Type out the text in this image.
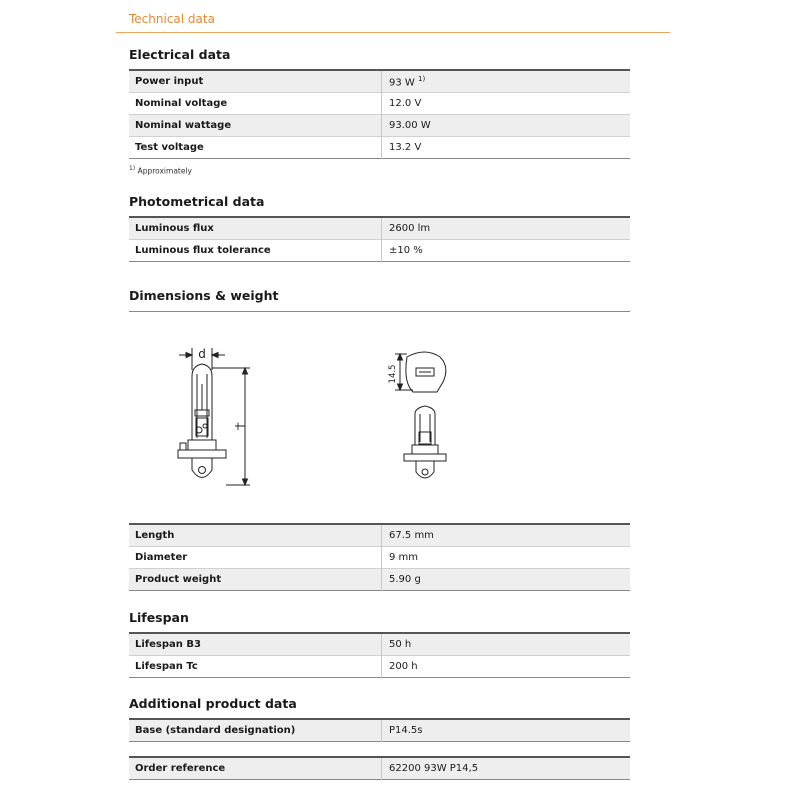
Technical data
Electrical data
Power input	93 W $^{1)}$
Nominal voltage	12.0 V
Nominal wattage	93.00 W
Test voltage	13.2 V
$^{1)}$ Approximately
Photometrical data
Luminous flux	2600 lm
Luminous flux tolerance	±10 %
Dimensions & weight
d
l
14.5
Length	67.5 mm
Diameter	9 mm
Product weight	5.90 g
Lifespan
Lifespan B3	50 h
Lifespan Tc	200 h
Additional product data
Base (standard designation)	P14.5s
Order reference	62200 93W P14,5
